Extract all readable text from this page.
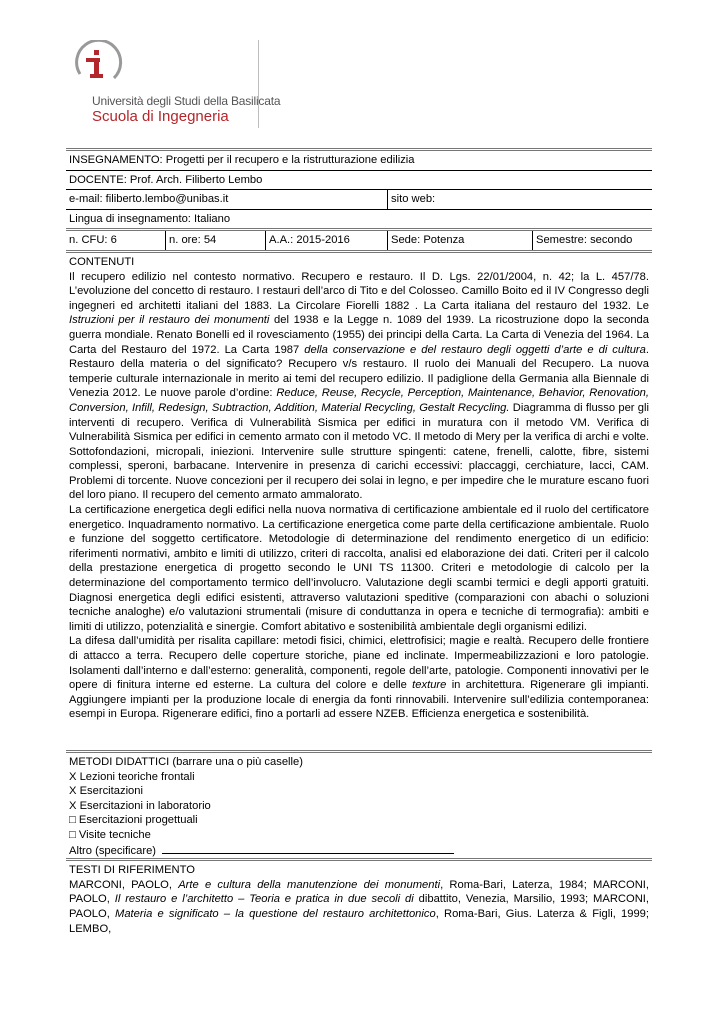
Università degli Studi della Basilicata
Scuola di Ingegneria
INSEGNAMENTO: Progetti per il recupero e la ristrutturazione edilizia
DOCENTE: Prof. Arch. Filiberto Lembo
e-mail: filiberto.lembo@unibas.it	sito web:
Lingua di insegnamento: Italiano
n. CFU: 6	n. ore: 54	A.A.: 2015-2016	Sede: Potenza	Semestre: secondo
CONTENUTI
Il recupero edilizio nel contesto normativo. Recupero e restauro. Il D. Lgs. 22/01/2004, n. 42; la L. 457/78. L’evoluzione del concetto di restauro. I restauri dell’arco di Tito e del Colosseo. Camillo Boito ed il IV Congresso degli ingegneri ed architetti italiani del 1883. La Circolare Fiorelli 1882 . La Carta italiana del restauro del 1932. Le Istruzioni per il restauro dei monumenti del 1938 e la Legge n. 1089 del 1939. La ricostruzione dopo la seconda guerra mondiale. Renato Bonelli ed il rovesciamento (1955) dei principi della Carta. La Carta di Venezia del 1964. La Carta del Restauro del 1972. La Carta 1987 della conservazione e del restauro degli oggetti d’arte e di cultura. Restauro della materia o del significato? Recupero v/s restauro. Il ruolo dei Manuali del Recupero. La nuova temperie culturale internazionale in merito ai temi del recupero edilizio. Il padiglione della Germania alla Biennale di Venezia 2012. Le nuove parole d’ordine: Reduce, Reuse, Recycle, Perception, Maintenance, Behavior, Renovation, Conversion, Infill, Redesign, Subtraction, Addition, Material Recycling, Gestalt Recycling. Diagramma di flusso per gli interventi di recupero. Verifica di Vulnerabilità Sismica per edifici in muratura con il metodo VM. Verifica di Vulnerabilità Sismica per edifici in cemento armato con il metodo VC. Il metodo di Mery per la verifica di archi e volte. Sottofondazioni, micropali, iniezioni. Intervenire sulle strutture spingenti: catene, frenelli, calotte, fibre, sistemi complessi, speroni, barbacane. Intervenire in presenza di carichi eccessivi: placcaggi, cerchiature, lacci, CAM. Problemi di torcente. Nuove concezioni per il recupero dei solai in legno, e per impedire che le murature escano fuori del loro piano. Il recupero del cemento armato ammalorato.
La certificazione energetica degli edifici nella nuova normativa di certificazione ambientale ed il ruolo del certificatore energetico. Inquadramento normativo. La certificazione energetica come parte della certificazione ambientale. Ruolo e funzione del soggetto certificatore. Metodologie di determinazione del rendimento energetico di un edificio: riferimenti normativi, ambito e limiti di utilizzo, criteri di raccolta, analisi ed elaborazione dei dati. Criteri per il calcolo della prestazione energetica di progetto secondo le UNI TS 11300. Criteri e metodologie di calcolo per la determinazione del comportamento termico dell’involucro. Valutazione degli scambi termici e degli apporti gratuiti. Diagnosi energetica degli edifici esistenti, attraverso valutazioni speditive (comparazioni con abachi o soluzioni tecniche analoghe) e/o valutazioni strumentali (misure di conduttanza in opera e tecniche di termografia): ambiti e limiti di utilizzo, potenzialità e sinergie. Comfort abitativo e sostenibilità ambientale degli organismi edilizi.
La difesa dall’umidità per risalita capillare: metodi fisici, chimici, elettrofisici; magie e realtà. Recupero delle frontiere di attacco a terra. Recupero delle coperture storiche, piane ed inclinate. Impermeabilizzazioni e loro patologie. Isolamenti dall’interno e dall’esterno: generalità, componenti, regole dell’arte, patologie. Componenti innovativi per le opere di finitura interne ed esterne. La cultura del colore e delle texture in architettura. Rigenerare gli impianti. Aggiungere impianti per la produzione locale di energia da fonti rinnovabili. Intervenire sull’edilizia contemporanea: esempi in Europa. Rigenerare edifici, fino a portarli ad essere NZEB. Efficienza energetica e sostenibilità.
METODI DIDATTICI (barrare una o più caselle)
X Lezioni teoriche frontali
X Esercitazioni
X Esercitazioni in laboratorio
□ Esercitazioni progettuali
□ Visite tecniche
Altro (specificare)
TESTI DI RIFERIMENTO
MARCONI, PAOLO, Arte e cultura della manutenzione dei monumenti, Roma-Bari, Laterza, 1984; MARCONI, PAOLO, Il restauro e l’architetto – Teoria e pratica in due secoli di dibattito, Venezia, Marsilio, 1993; MARCONI, PAOLO, Materia e significato – la questione del restauro architettonico, Roma-Bari, Gius. Laterza & Figli, 1999; LEMBO,
